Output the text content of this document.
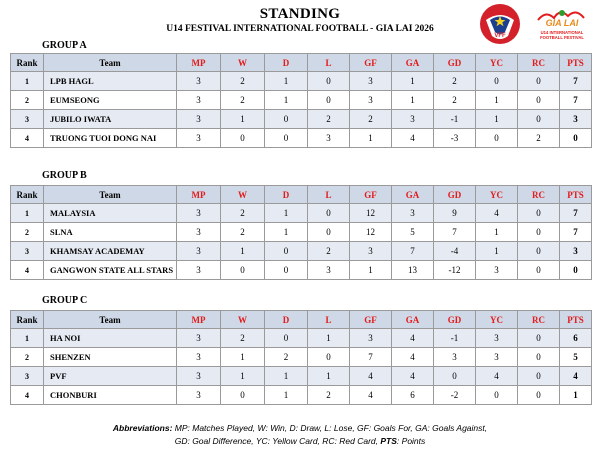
STANDING
U14 FESTIVAL INTERNATIONAL FOOTBALL - GIA LAI 2026
VFF
GIA LAI
U14 INTERNATIONAL
FOOTBALL FESTIVAL
GROUP A
Rank	Team	MP	W	D	L	GF	GA	GD	YC	RC	PTS
1	LPB HAGL	3	2	1	0	3	1	2	0	0	7
2	EUMSEONG	3	2	1	0	3	1	2	1	0	7
3	JUBILO IWATA	3	1	0	2	2	3	-1	1	0	3
4	TRUONG TUOI DONG NAI	3	0	0	3	1	4	-3	0	2	0
GROUP B
Rank	Team	MP	W	D	L	GF	GA	GD	YC	RC	PTS
1	MALAYSIA	3	2	1	0	12	3	9	4	0	7
2	SLNA	3	2	1	0	12	5	7	1	0	7
3	KHAMSAY ACADEMAY	3	1	0	2	3	7	-4	1	0	3
4	GANGWON STATE ALL STARS	3	0	0	3	1	13	-12	3	0	0
GROUP C
Rank	Team	MP	W	D	L	GF	GA	GD	YC	RC	PTS
1	HA NOI	3	2	0	1	3	4	-1	3	0	6
2	SHENZEN	3	1	2	0	7	4	3	3	0	5
3	PVF	3	1	1	1	4	4	0	4	0	4
4	CHONBURI	3	0	1	2	4	6	-2	0	0	1
Abbreviations: MP: Matches Played, W: Win, D: Draw, L: Lose, GF: Goals For, GA: Goals Against,
GD: Goal Difference, YC: Yellow Card, RC: Red Card, PTS: Points
